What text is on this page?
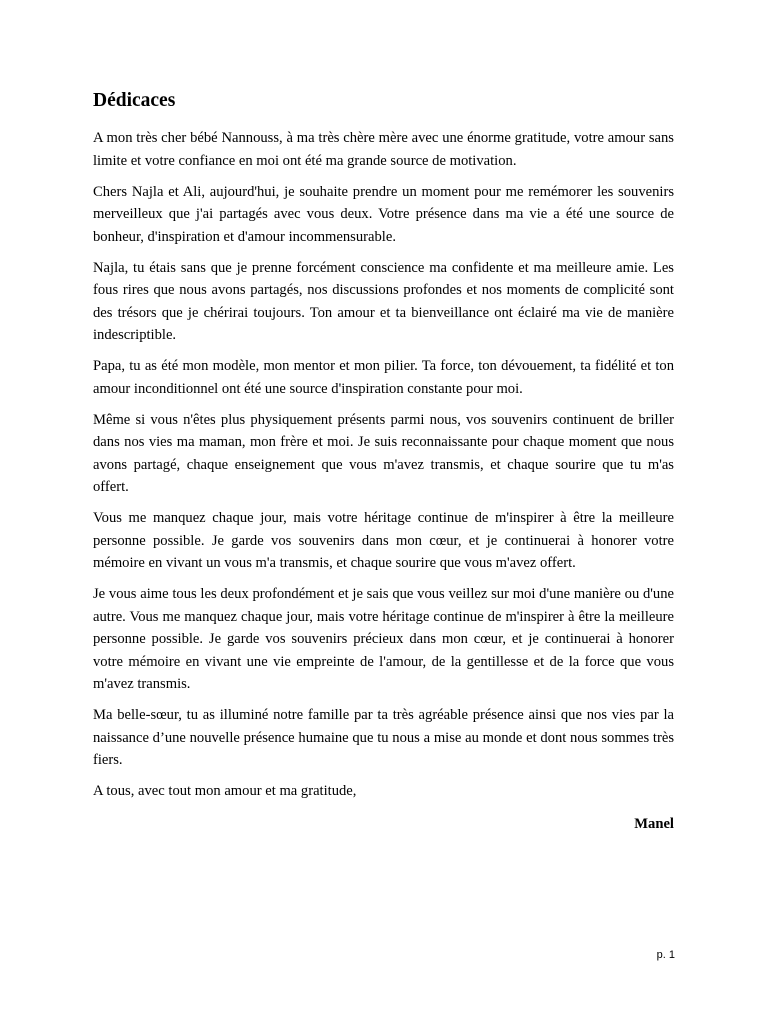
Dédicaces

A mon très cher bébé Nannouss, à ma très chère mère avec une énorme gratitude, votre amour sans limite et votre confiance en moi ont été ma grande source de motivation.

Chers Najla et Ali, aujourd'hui, je souhaite prendre un moment pour me remémorer les souvenirs merveilleux que j'ai partagés avec vous deux. Votre présence dans ma vie a été une source de bonheur, d'inspiration et d'amour incommensurable.

Najla, tu étais sans que je prenne forcément conscience ma confidente et ma meilleure amie. Les fous rires que nous avons partagés, nos discussions profondes et nos moments de complicité sont des trésors que je chérirai toujours. Ton amour et ta bienveillance ont éclairé ma vie de manière indescriptible.

Papa, tu as été mon modèle, mon mentor et mon pilier. Ta force, ton dévouement, ta fidélité et ton amour inconditionnel ont été une source d'inspiration constante pour moi.

Même si vous n'êtes plus physiquement présents parmi nous, vos souvenirs continuent de briller dans nos vies ma maman, mon frère et moi. Je suis reconnaissante pour chaque moment que nous avons partagé, chaque enseignement que vous m'avez transmis, et chaque sourire que tu m'as offert.

Vous me manquez chaque jour, mais votre héritage continue de m'inspirer à être la meilleure personne possible. Je garde vos souvenirs dans mon cœur, et je continuerai à honorer votre mémoire en vivant un vous m'a transmis, et chaque sourire que vous m'avez offert.

Je vous aime tous les deux profondément et je sais que vous veillez sur moi d'une manière ou d'une autre. Vous me manquez chaque jour, mais votre héritage continue de m'inspirer à être la meilleure personne possible. Je garde vos souvenirs précieux dans mon cœur, et je continuerai à honorer votre mémoire en vivant une vie empreinte de l'amour, de la gentillesse et de la force que vous m'avez transmis.

Ma belle-sœur, tu as illuminé notre famille par ta très agréable présence ainsi que nos vies par la naissance d’une nouvelle présence humaine que tu nous a mise au monde et dont nous sommes très fiers.

A tous, avec tout mon amour et ma gratitude,

Manel

p. 1
